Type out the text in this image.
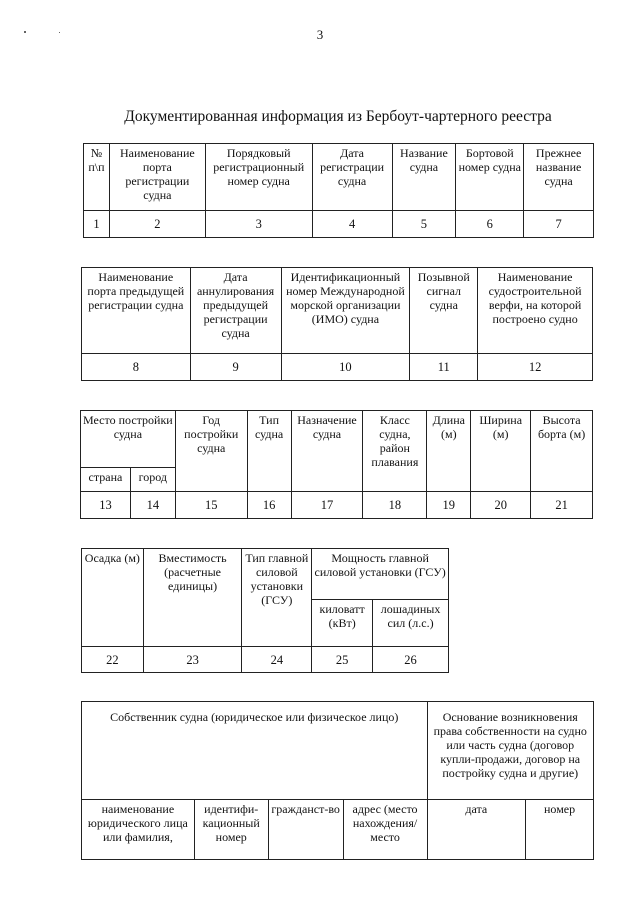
3
Документированная информация из Бербоут-чартерного реестра
№ п\п	Наименование порта регистрации судна	Порядковый регистрационный номер судна	Дата регистрации судна	Название судна	Бортовой номер судна	Прежнее название судна
1	2	3	4	5	6	7
Наименование порта предыдущей регистрации судна	Дата аннулирования предыдущей регистрации судна	Идентификационный номер Международной морской организации (ИМО) судна	Позывной сигнал судна	Наименование судостроительной верфи, на которой построено судно
8	9	10	11	12
Место постройки судна		Год постройки судна	Тип судна	Назначение судна	Класс судна, район плавания	Длина (м)	Ширина (м)	Высота борта (м)
страна	город							
13	14	15	16	17	18	19	20	21
Осадка (м)	Вместимость (расчетные единицы)	Тип главной силовой установки (ГСУ)	Мощность главной силовой установки (ГСУ)	
			киловатт (кВт)	лошадиных сил (л.с.)
22	23	24	25	26
Собственник судна (юридическое или физическое лицо)				Основание возникновения права собственности на судно или часть судна (договор купли-продажи, договор на постройку судна и другие)	
наименование юридического лица или фамилия,	идентифи-кационный номер	гражданст-во	адрес (место нахождения/ место	дата	номер
